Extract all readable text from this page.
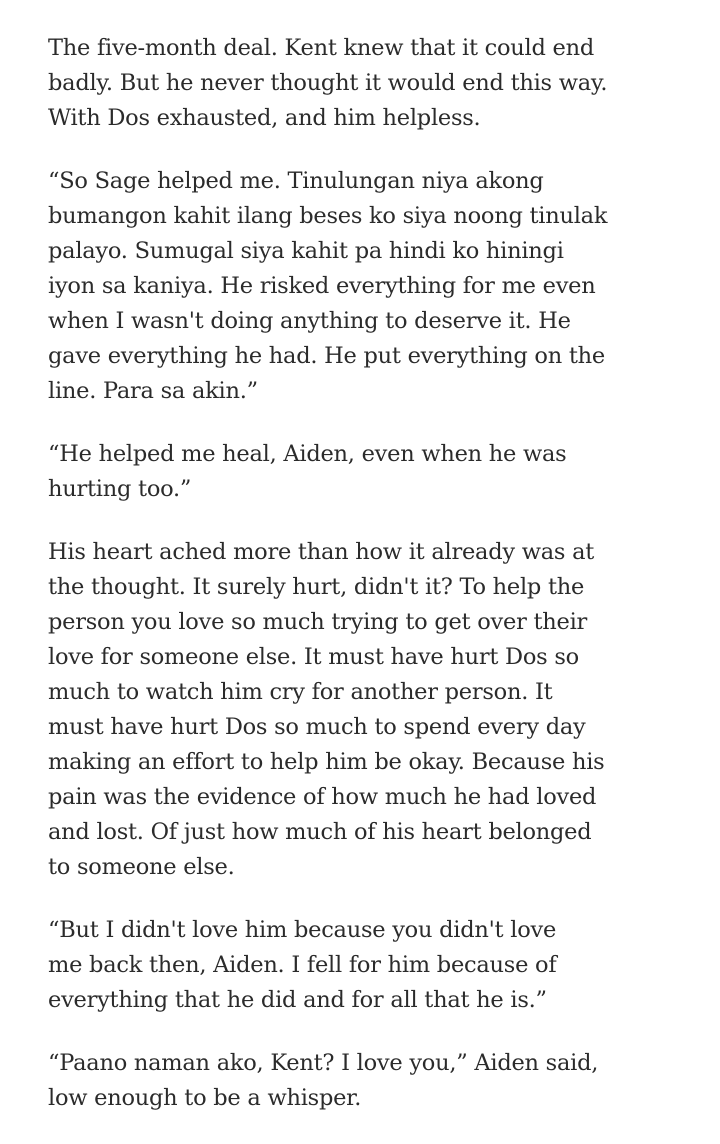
The five-month deal. Kent knew that it could end
badly. But he never thought it would end this way.
With Dos exhausted, and him helpless.

“So Sage helped me. Tinulungan niya akong
bumangon kahit ilang beses ko siya noong tinulak
palayo. Sumugal siya kahit pa hindi ko hiningi
iyon sa kaniya. He risked everything for me even
when I wasn't doing anything to deserve it. He
gave everything he had. He put everything on the
line. Para sa akin.”

“He helped me heal, Aiden, even when he was
hurting too.”

His heart ached more than how it already was at
the thought. It surely hurt, didn't it? To help the
person you love so much trying to get over their
love for someone else. It must have hurt Dos so
much to watch him cry for another person. It
must have hurt Dos so much to spend every day
making an effort to help him be okay. Because his
pain was the evidence of how much he had loved
and lost. Of just how much of his heart belonged
to someone else.

“But I didn't love him because you didn't love
me back then, Aiden. I fell for him because of
everything that he did and for all that he is.”

“Paano naman ako, Kent? I love you,” Aiden said,
low enough to be a whisper.
